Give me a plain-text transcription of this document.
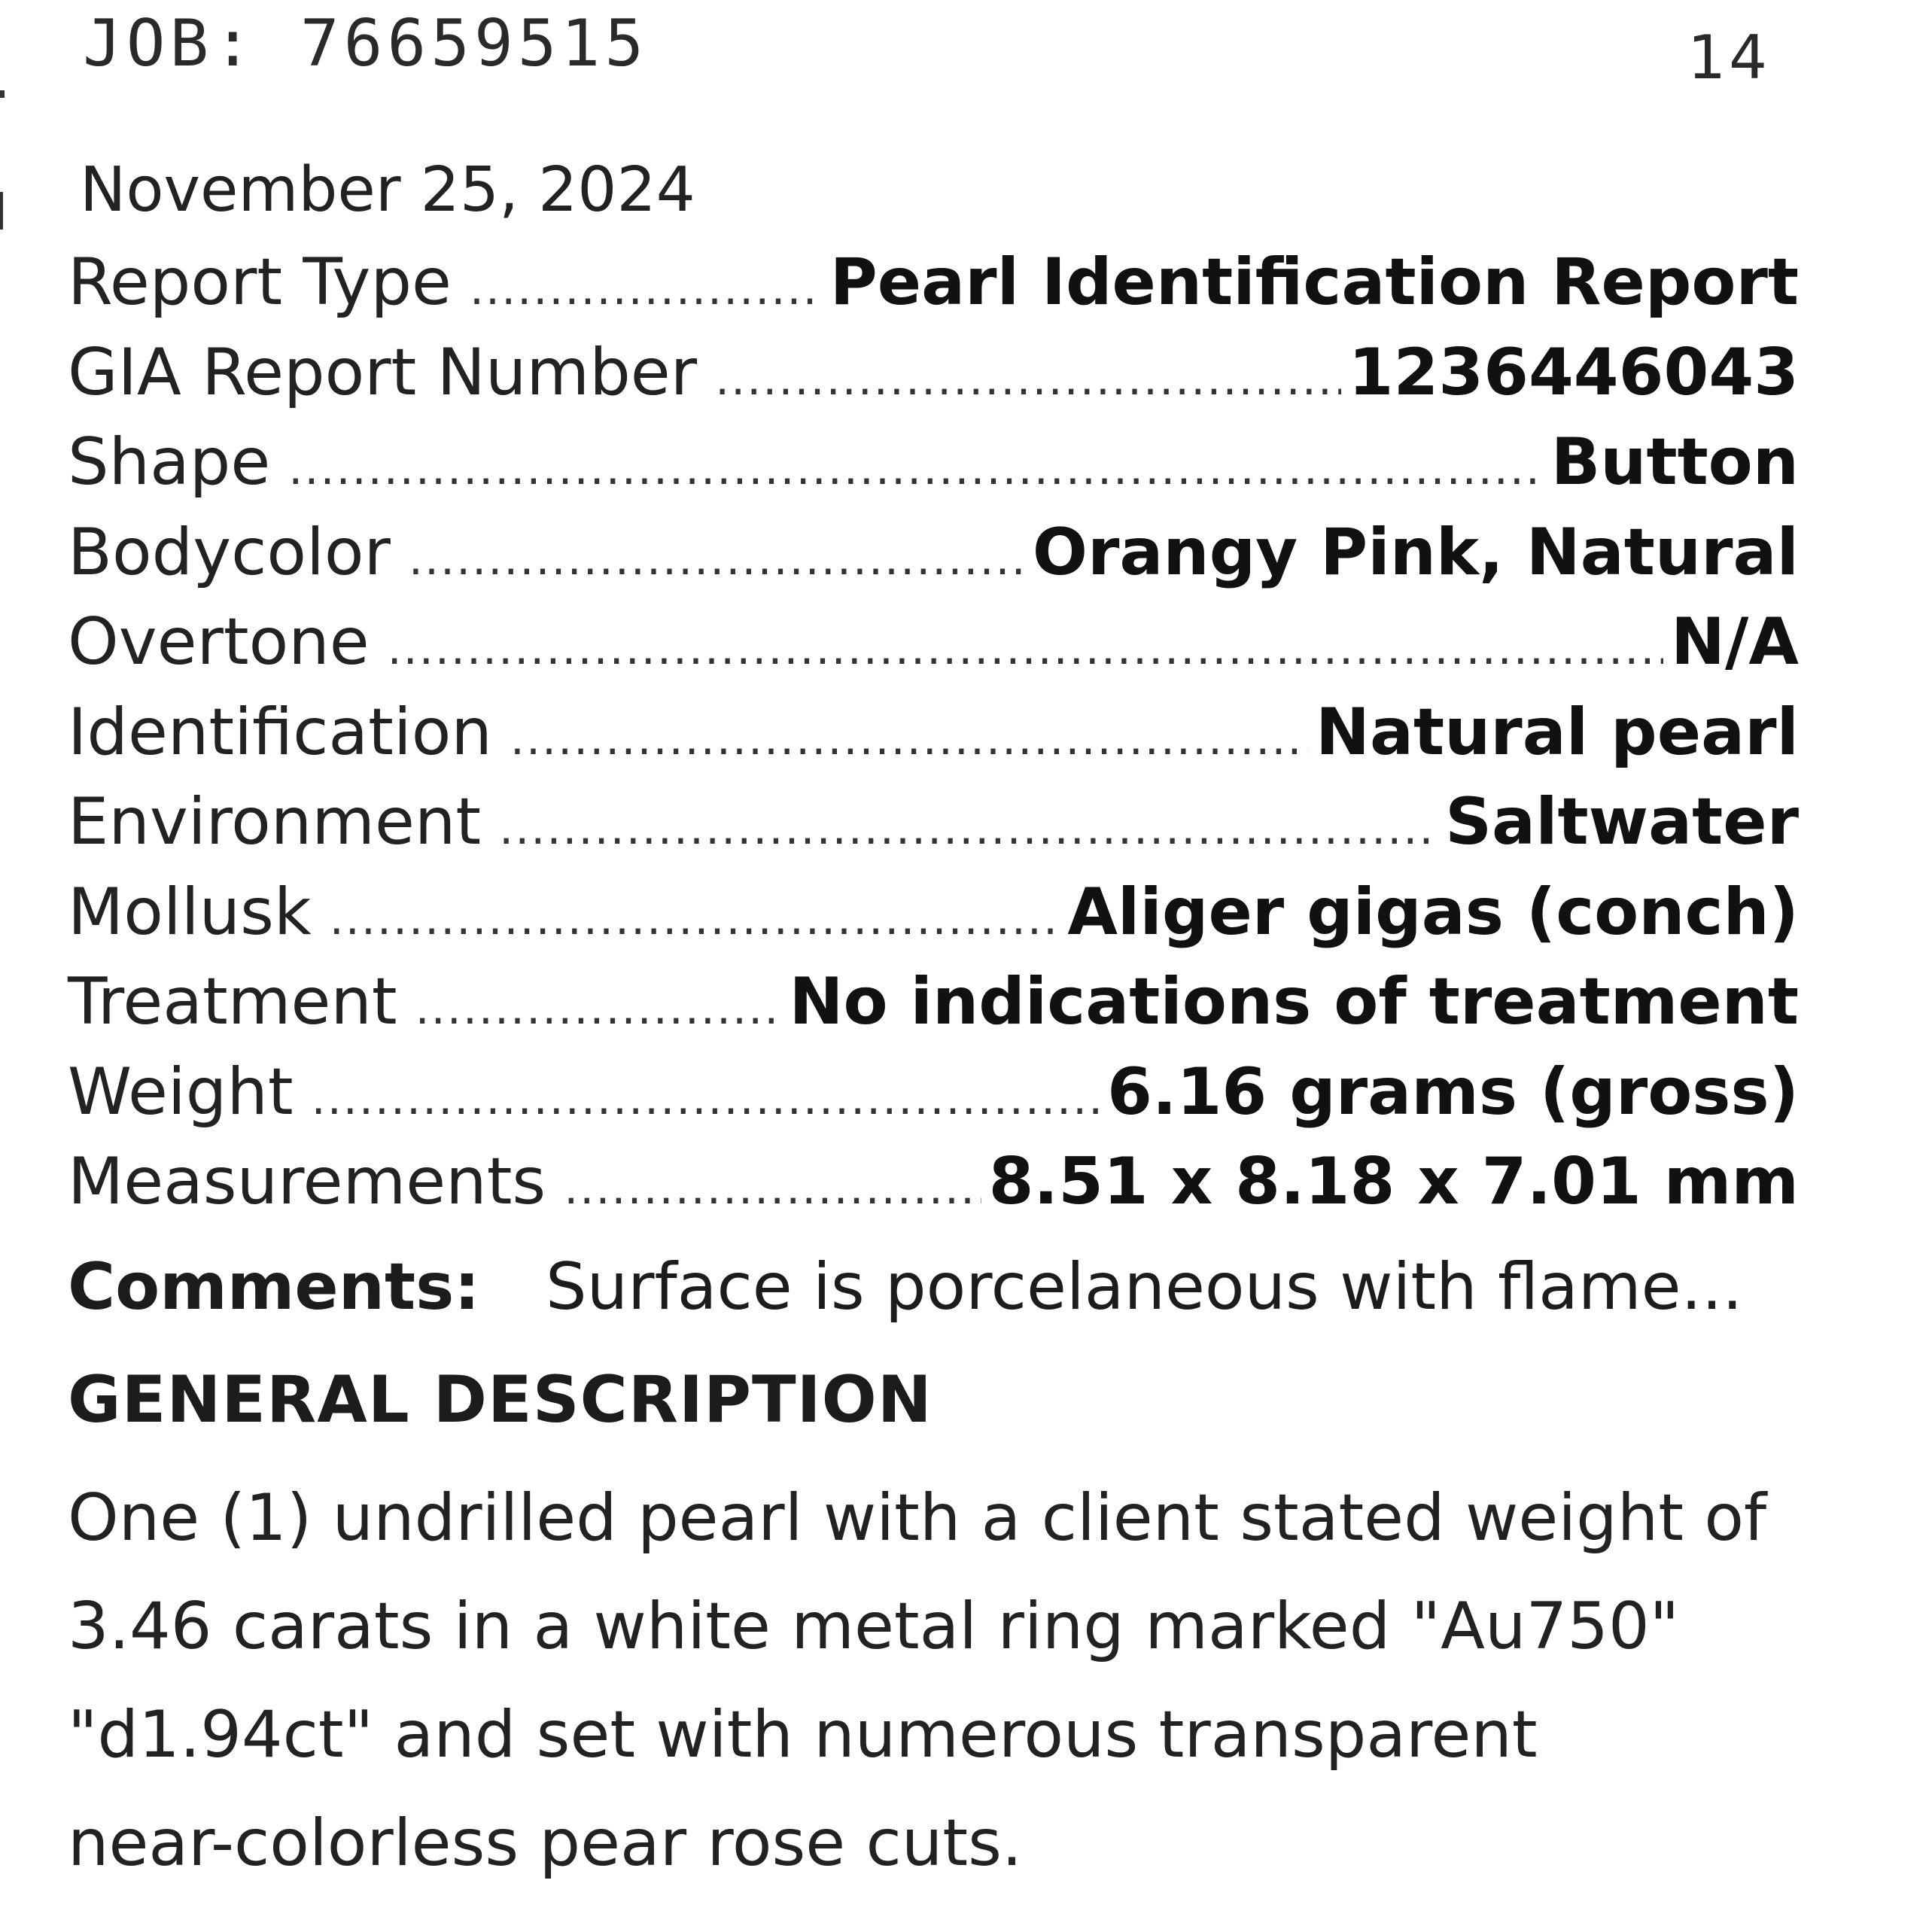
JOB: 76659515	14
November 25, 2024
Report Type .....	Pearl Identification Report
GIA Report Number .....	1236446043
Shape .....	Button
Bodycolor .....	Orangy Pink, Natural
Overtone .....	N/A
Identification .....	Natural pearl
Environment .....	Saltwater
Mollusk .....	Aliger gigas (conch)
Treatment .....	No indications of treatment
Weight .....	6.16 grams (gross)
Measurements .....	8.51 x 8.18 x 7.01 mm
Comments: Surface is porcelaneous with flame...
GENERAL DESCRIPTION
One (1) undrilled pearl with a client stated weight of
3.46 carats in a white metal ring marked "Au750"
"d1.94ct" and set with numerous transparent
near-colorless pear rose cuts.
